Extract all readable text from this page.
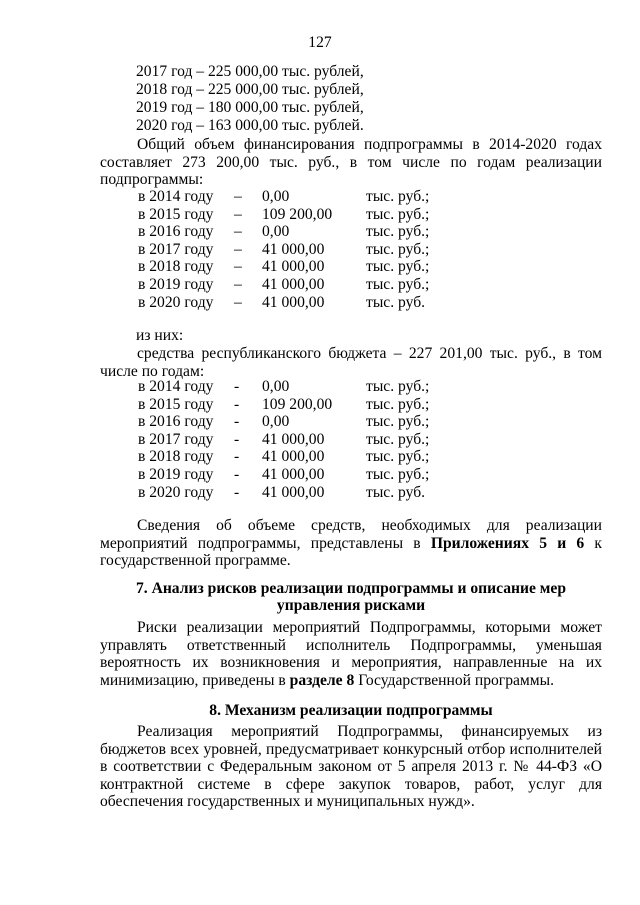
127
2017 год – 225 000,00 тыс. рублей,
2018 год – 225 000,00 тыс. рублей,
2019 год – 180 000,00 тыс. рублей,
2020 год – 163 000,00 тыс. рублей.

Общий объем финансирования подпрограммы в 2014-2020 годах составляет 273 200,00 тыс. руб., в том числе по годам реализации подпрограммы:

в 2014 году	–	0,00	тыс. руб.;
в 2015 году	–	109 200,00	тыс. руб.;
в 2016 году	–	0,00	тыс. руб.;
в 2017 году	–	41 000,00	тыс. руб.;
в 2018 году	–	41 000,00	тыс. руб.;
в 2019 году	–	41 000,00	тыс. руб.;
в 2020 году	–	41 000,00	тыс. руб.
из них:

средства республиканского бюджета – 227 201,00 тыс. руб., в том числе по годам:

в 2014 году	-	0,00	тыс. руб.;
в 2015 году	-	109 200,00	тыс. руб.;
в 2016 году	-	0,00	тыс. руб.;
в 2017 году	-	41 000,00	тыс. руб.;
в 2018 году	-	41 000,00	тыс. руб.;
в 2019 году	-	41 000,00	тыс. руб.;
в 2020 году	-	41 000,00	тыс. руб.

Сведения об объеме средств, необходимых для реализации мероприятий подпрограммы, представлены в Приложениях 5 и 6 к государственной программе.

7. Анализ рисков реализации подпрограммы и описание мер управления рисками

Риски реализации мероприятий Подпрограммы, которыми может управлять ответственный исполнитель Подпрограммы, уменьшая вероятность их возникновения и мероприятия, направленные на их минимизацию, приведены в разделе 8 Государственной программы.

8. Механизм реализации подпрограммы

Реализация мероприятий Подпрограммы, финансируемых из бюджетов всех уровней, предусматривает конкурсный отбор исполнителей в соответствии с Федеральным законом от 5 апреля 2013 г. № 44-ФЗ «О контрактной системе в сфере закупок товаров, работ, услуг для обеспечения государственных и муниципальных нужд».
